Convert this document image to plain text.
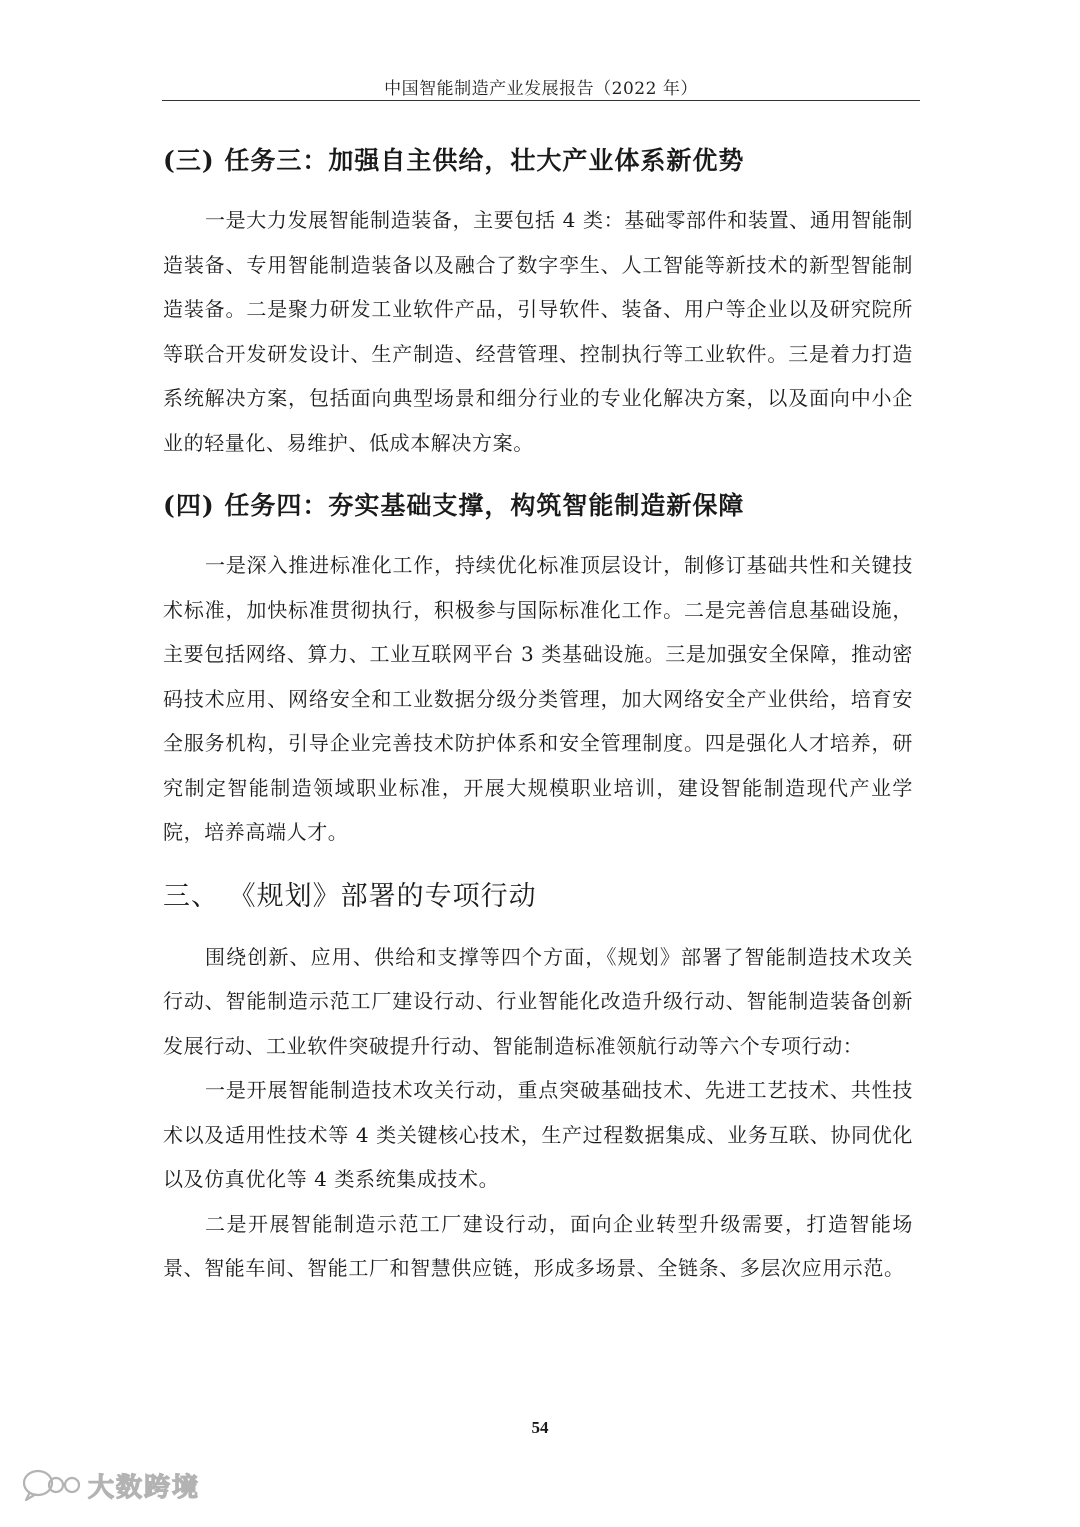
中国智能制造产业发展报告（2022 年）
(三) 任务三：加强自主供给，壮大产业体系新优势

一是大力发展智能制造装备，主要包括 4 类：基础零部件和装置、通用智能制造装备、专用智能制造装备以及融合了数字孪生、人工智能等新技术的新型智能制造装备。二是聚力研发工业软件产品，引导软件、装备、用户等企业以及研究院所等联合开发研发设计、生产制造、经营管理、控制执行等工业软件。三是着力打造系统解决方案，包括面向典型场景和细分行业的专业化解决方案，以及面向中小企业的轻量化、易维护、低成本解决方案。

(四) 任务四：夯实基础支撑，构筑智能制造新保障

一是深入推进标准化工作，持续优化标准顶层设计，制修订基础共性和关键技术标准，加快标准贯彻执行，积极参与国际标准化工作。二是完善信息基础设施，主要包括网络、算力、工业互联网平台 3 类基础设施。三是加强安全保障，推动密码技术应用、网络安全和工业数据分级分类管理，加大网络安全产业供给，培育安全服务机构，引导企业完善技术防护体系和安全管理制度。四是强化人才培养，研究制定智能制造领域职业标准，开展大规模职业培训，建设智能制造现代产业学院，培养高端人才。

三、 《规划》部署的专项行动

围绕创新、应用、供给和支撑等四个方面，《规划》部署了智能制造技术攻关行动、智能制造示范工厂建设行动、行业智能化改造升级行动、智能制造装备创新发展行动、工业软件突破提升行动、智能制造标准领航行动等六个专项行动：

一是开展智能制造技术攻关行动，重点突破基础技术、先进工艺技术、共性技术以及适用性技术等 4 类关键核心技术，生产过程数据集成、业务互联、协同优化以及仿真优化等 4 类系统集成技术。

二是开展智能制造示范工厂建设行动，面向企业转型升级需要，打造智能场景、智能车间、智能工厂和智慧供应链，形成多场景、全链条、多层次应用示范。

54
大数跨境
